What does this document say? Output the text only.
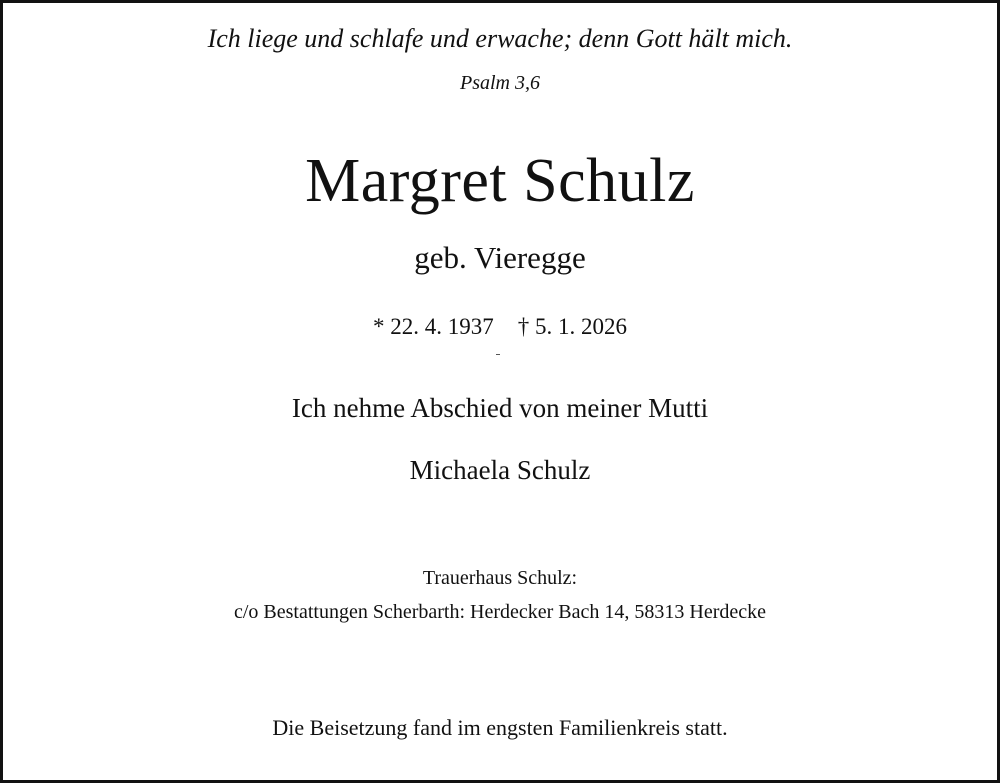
Ich liege und schlafe und erwache; denn Gott hält mich.
Psalm 3,6
Margret Schulz
geb. Vieregge
* 22. 4. 1937 † 5. 1. 2026
Ich nehme Abschied von meiner Mutti
Michaela Schulz
Trauerhaus Schulz:
c/o Bestattungen Scherbarth: Herdecker Bach 14, 58313 Herdecke
Die Beisetzung fand im engsten Familienkreis statt.
